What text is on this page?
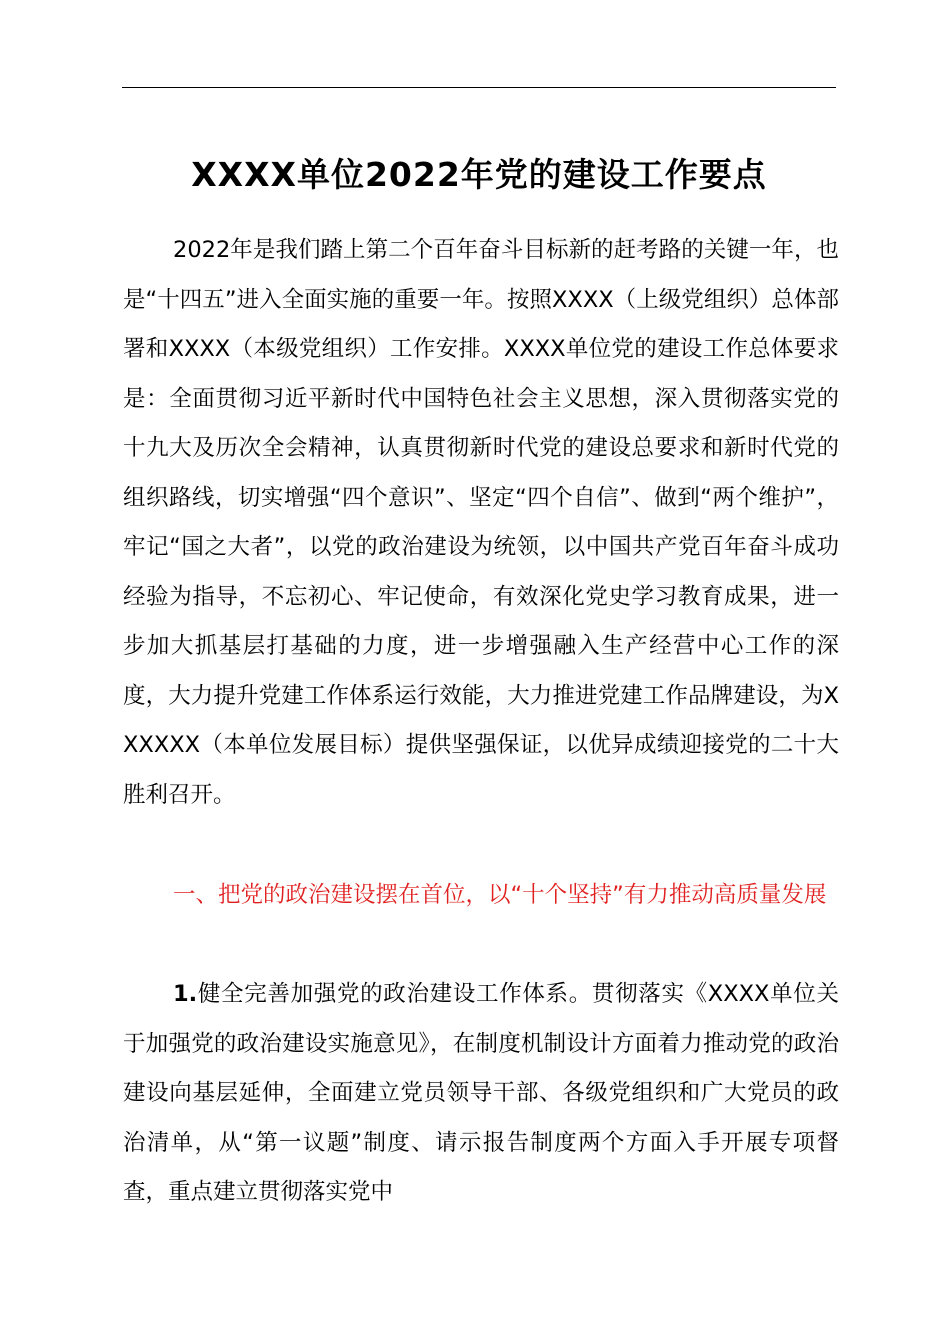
XXXX单位2022年党的建设工作要点
2022年是我们踏上第二个百年奋斗目标新的赶考路的关键一年，也是“十四五”进入全面实施的重要一年。按照XXXX（上级党组织）总体部署和XXXX（本级党组织）工作安排。XXXX单位党的建设工作总体要求是：全面贯彻习近平新时代中国特色社会主义思想，深入贯彻落实党的十九大及历次全会精神，认真贯彻新时代党的建设总要求和新时代党的组织路线，切实增强“四个意识”、坚定“四个自信”、做到“两个维护”，牢记“国之大者”，以党的政治建设为统领，以中国共产党百年奋斗成功经验为指导，不忘初心、牢记使命，有效深化党史学习教育成果，进一步加大抓基层打基础的力度，进一步增强融入生产经营中心工作的深度，大力提升党建工作体系运行效能，大力推进党建工作品牌建设，为XXXXXX（本单位发展目标）提供坚强保证，以优异成绩迎接党的二十大胜利召开。
一、把党的政治建设摆在首位，以“十个坚持”有力推动高质量发展
1.健全完善加强党的政治建设工作体系。贯彻落实《XXXX单位关于加强党的政治建设实施意见》，在制度机制设计方面着力推动党的政治建设向基层延伸，全面建立党员领导干部、各级党组织和广大党员的政治清单，从“第一议题”制度、请示报告制度两个方面入手开展专项督查，重点建立贯彻落实党中
